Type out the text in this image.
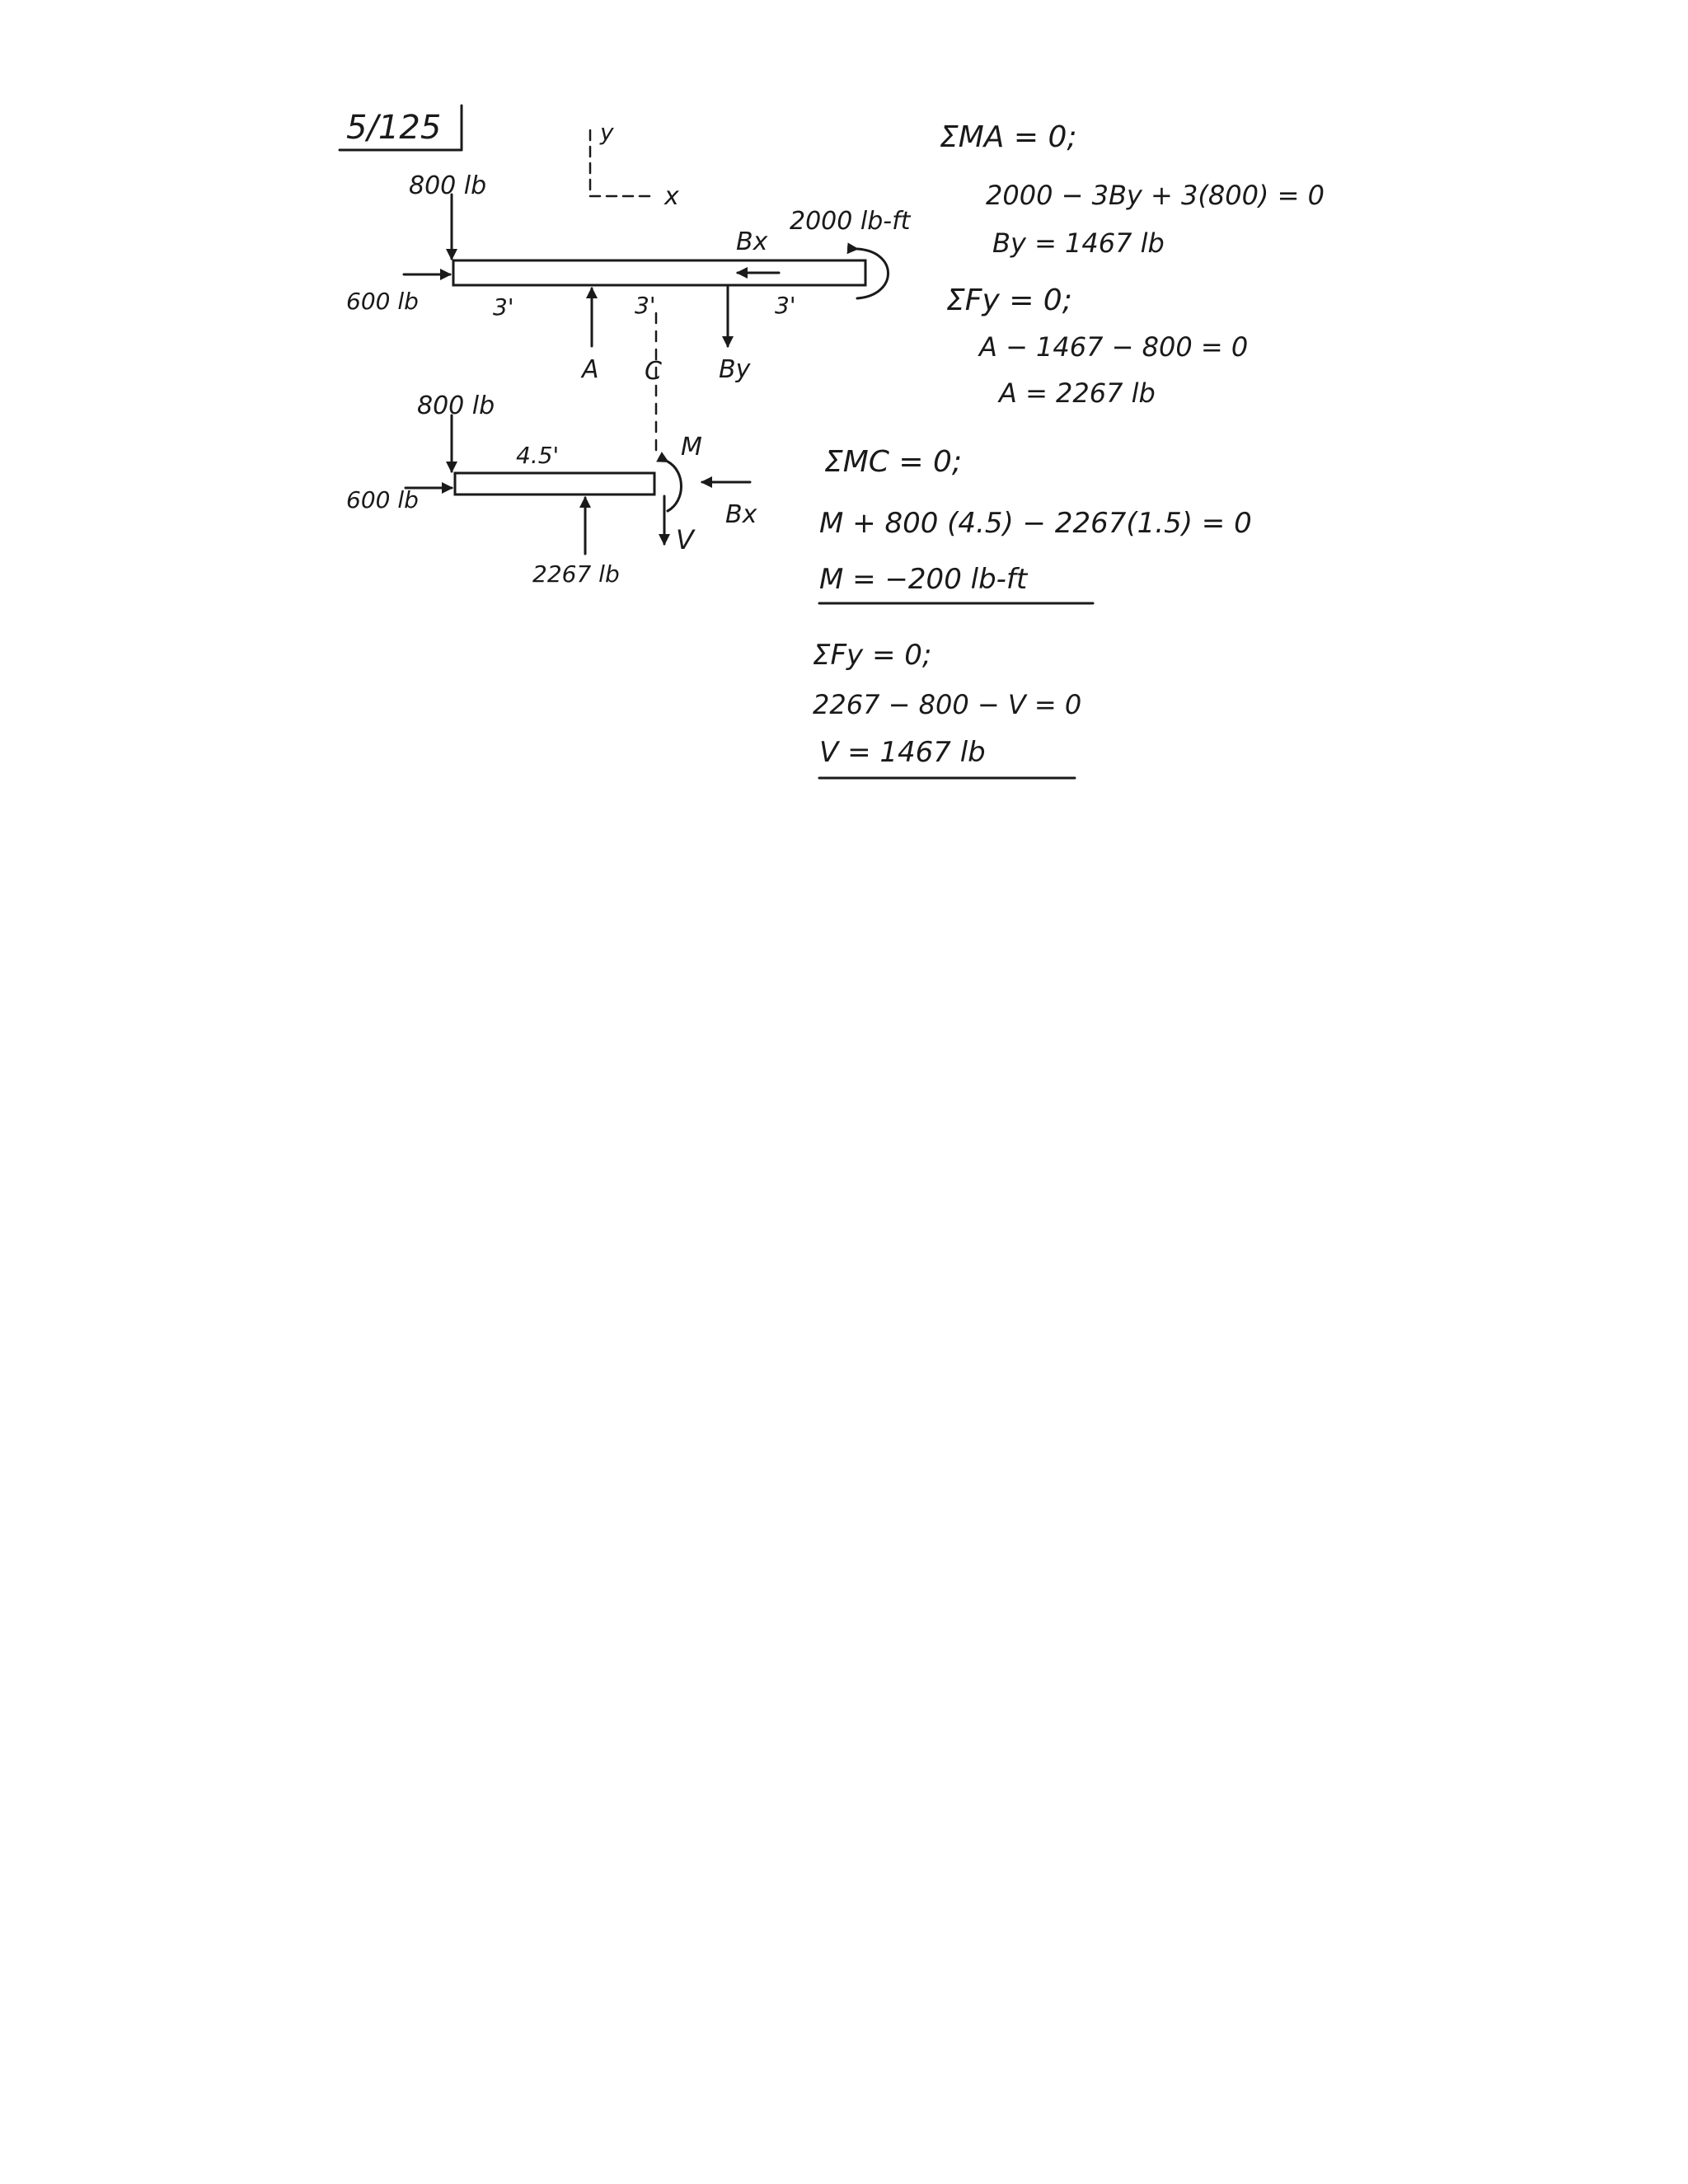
5/125	y
x
800 lb
600 lb
2000 lb-ft
Bx
By
A C
3'	3'	3'
800 lb
600 lb
4.5'
2267 lb
M
V
Bx
ΣMA = 0;
2000 − 3By + 3(800) = 0
By = 1467 lb
ΣFy = 0;
A − 1467 − 800 = 0
A = 2267 lb
ΣMC = 0;
M + 800 (4.5) − 2267(1.5) = 0
M = −200 lb-ft
ΣFy = 0;
2267 − 800 − V = 0
V = 1467 lb
